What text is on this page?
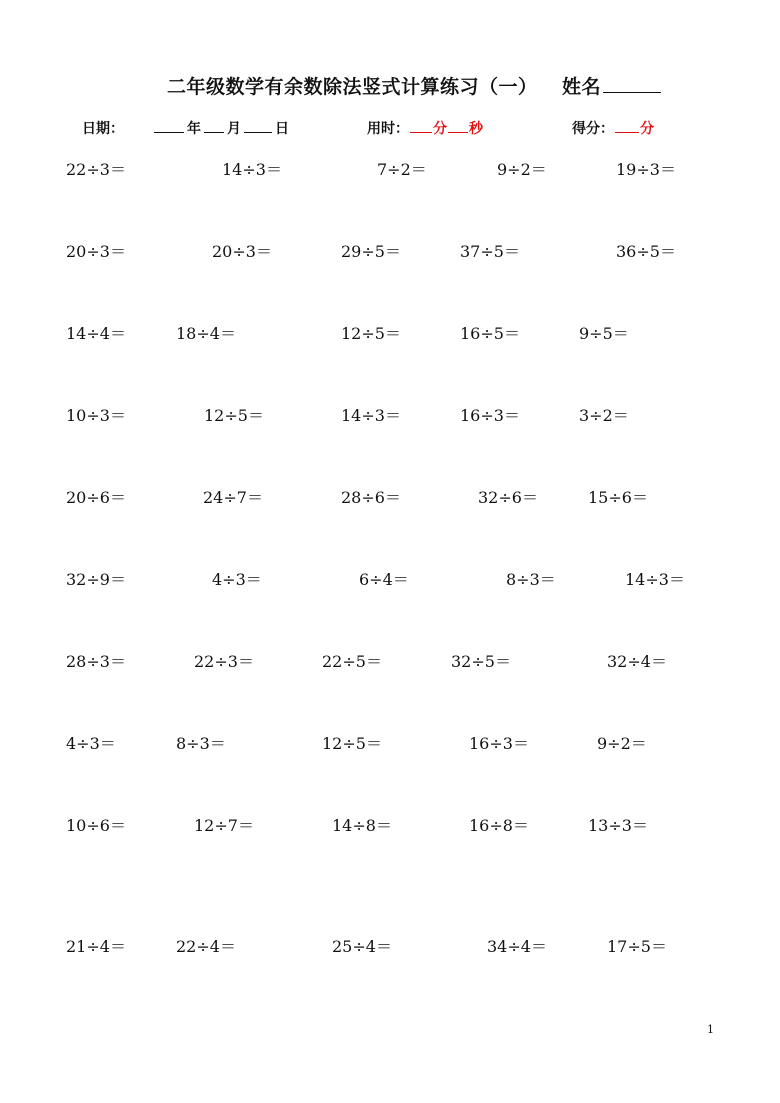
二年级数学有余数除法竖式计算练习（一） 姓名
日期：	年 月 日	用时： 分 秒	得分： 分
22÷3＝	14÷3＝	7÷2＝	9÷2＝	19÷3＝
20÷3＝	20÷3＝	29÷5＝	37÷5＝	36÷5＝
14÷4＝	18÷4＝	12÷5＝	16÷5＝	9÷5＝
10÷3＝	12÷5＝	14÷3＝	16÷3＝	3÷2＝
20÷6＝	24÷7＝	28÷6＝	32÷6＝	15÷6＝
32÷9＝	4÷3＝	6÷4＝	8÷3＝	14÷3＝
28÷3＝	22÷3＝	22÷5＝	32÷5＝	32÷4＝
4÷3＝	8÷3＝	12÷5＝	16÷3＝	9÷2＝
10÷6＝	12÷7＝	14÷8＝	16÷8＝	13÷3＝
21÷4＝	22÷4＝	25÷4＝	34÷4＝	17÷5＝
1
